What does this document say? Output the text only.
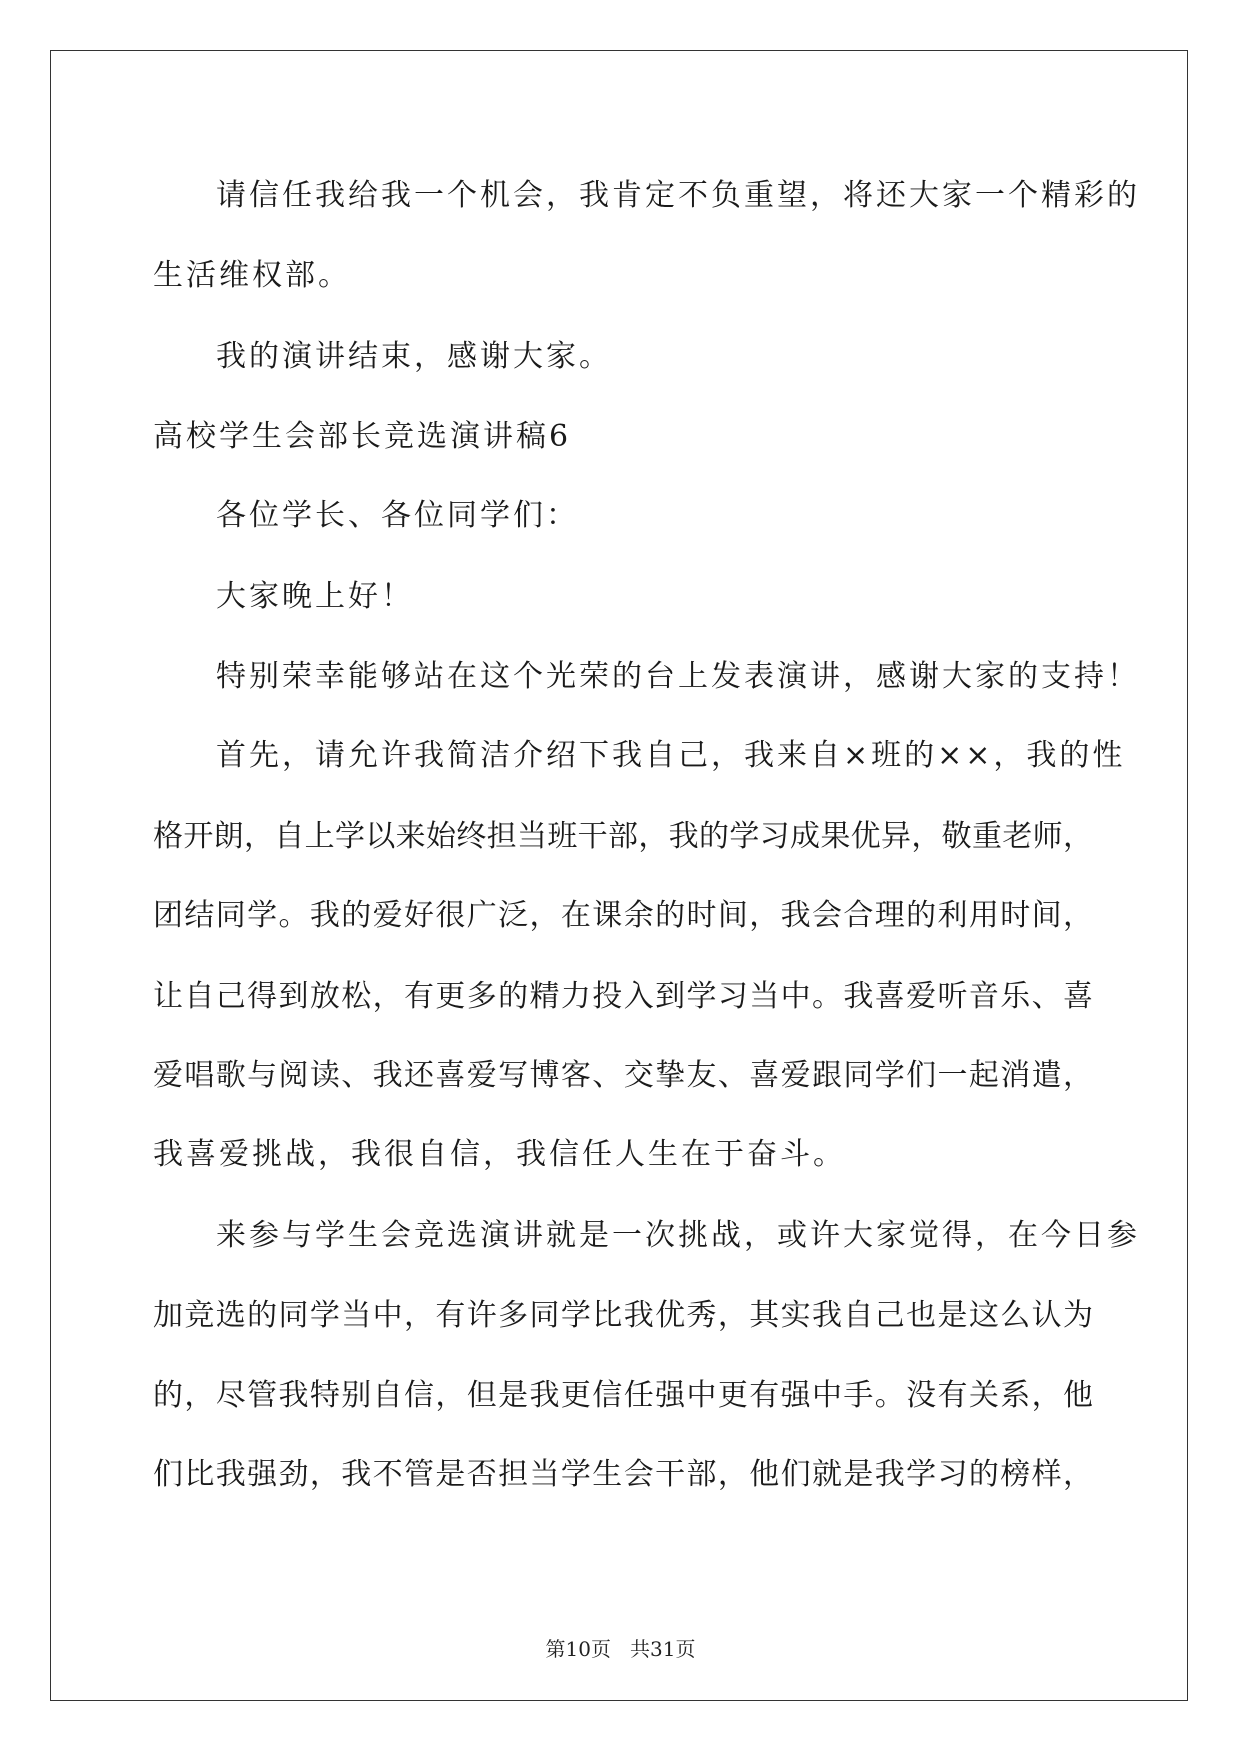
请信任我给我一个机会，我肯定不负重望，将还大家一个精彩的
生活维权部。
我的演讲结束，感谢大家。
高校学生会部长竞选演讲稿6
各位学长、各位同学们：
大家晚上好！
特别荣幸能够站在这个光荣的台上发表演讲，感谢大家的支持！
首先，请允许我简洁介绍下我自己，我来自×班的××，我的性
格开朗，自上学以来始终担当班干部，我的学习成果优异，敬重老师，
团结同学。我的爱好很广泛，在课余的时间，我会合理的利用时间，
让自己得到放松，有更多的精力投入到学习当中。我喜爱听音乐、喜
爱唱歌与阅读、我还喜爱写博客、交挚友、喜爱跟同学们一起消遣，
我喜爱挑战，我很自信，我信任人生在于奋斗。
来参与学生会竞选演讲就是一次挑战，或许大家觉得，在今日参
加竞选的同学当中，有许多同学比我优秀，其实我自己也是这么认为
的，尽管我特别自信，但是我更信任强中更有强中手。没有关系，他
们比我强劲，我不管是否担当学生会干部，他们就是我学习的榜样，
第10页   共31页
